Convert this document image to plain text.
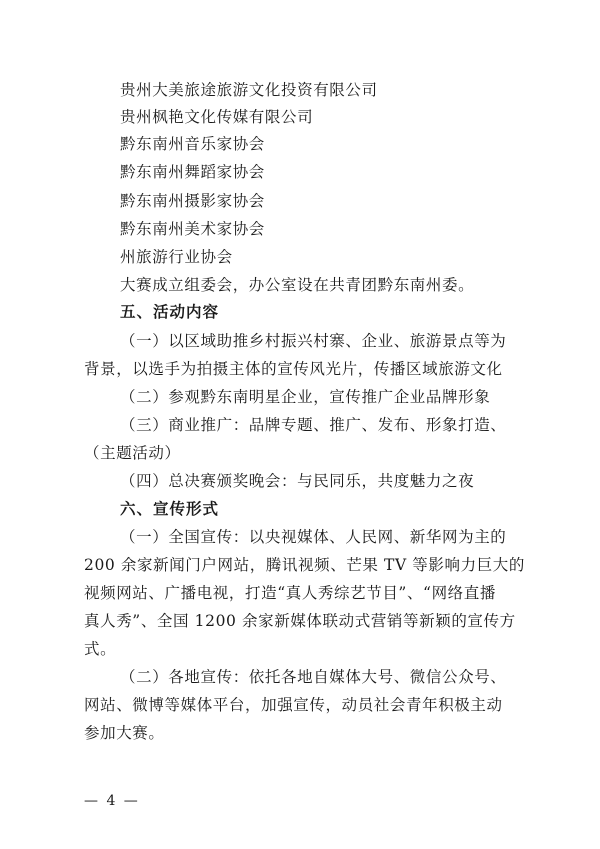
贵州大美旅途旅游文化投资有限公司
贵州枫艳文化传媒有限公司
黔东南州音乐家协会
黔东南州舞蹈家协会
黔东南州摄影家协会
黔东南州美术家协会
州旅游行业协会
大赛成立组委会，办公室设在共青团黔东南州委。
五、活动内容
（一）以区域助推乡村振兴村寨、企业、旅游景点等为
背景，以选手为拍摄主体的宣传风光片，传播区域旅游文化
（二）参观黔东南明星企业，宣传推广企业品牌形象
（三）商业推广：品牌专题、推广、发布、形象打造、
（主题活动）
（四）总决赛颁奖晚会：与民同乐，共度魅力之夜
六、宣传形式
（一）全国宣传：以央视媒体、人民网、新华网为主的
200 余家新闻门户网站，腾讯视频、芒果 TV 等影响力巨大的
视频网站、广播电视，打造“真人秀综艺节目”、“网络直播
真人秀”、全国 1200 余家新媒体联动式营销等新颖的宣传方
式。
（二）各地宣传：依托各地自媒体大号、微信公众号、
网站、微博等媒体平台，加强宣传，动员社会青年积极主动
参加大赛。
— 4 —
